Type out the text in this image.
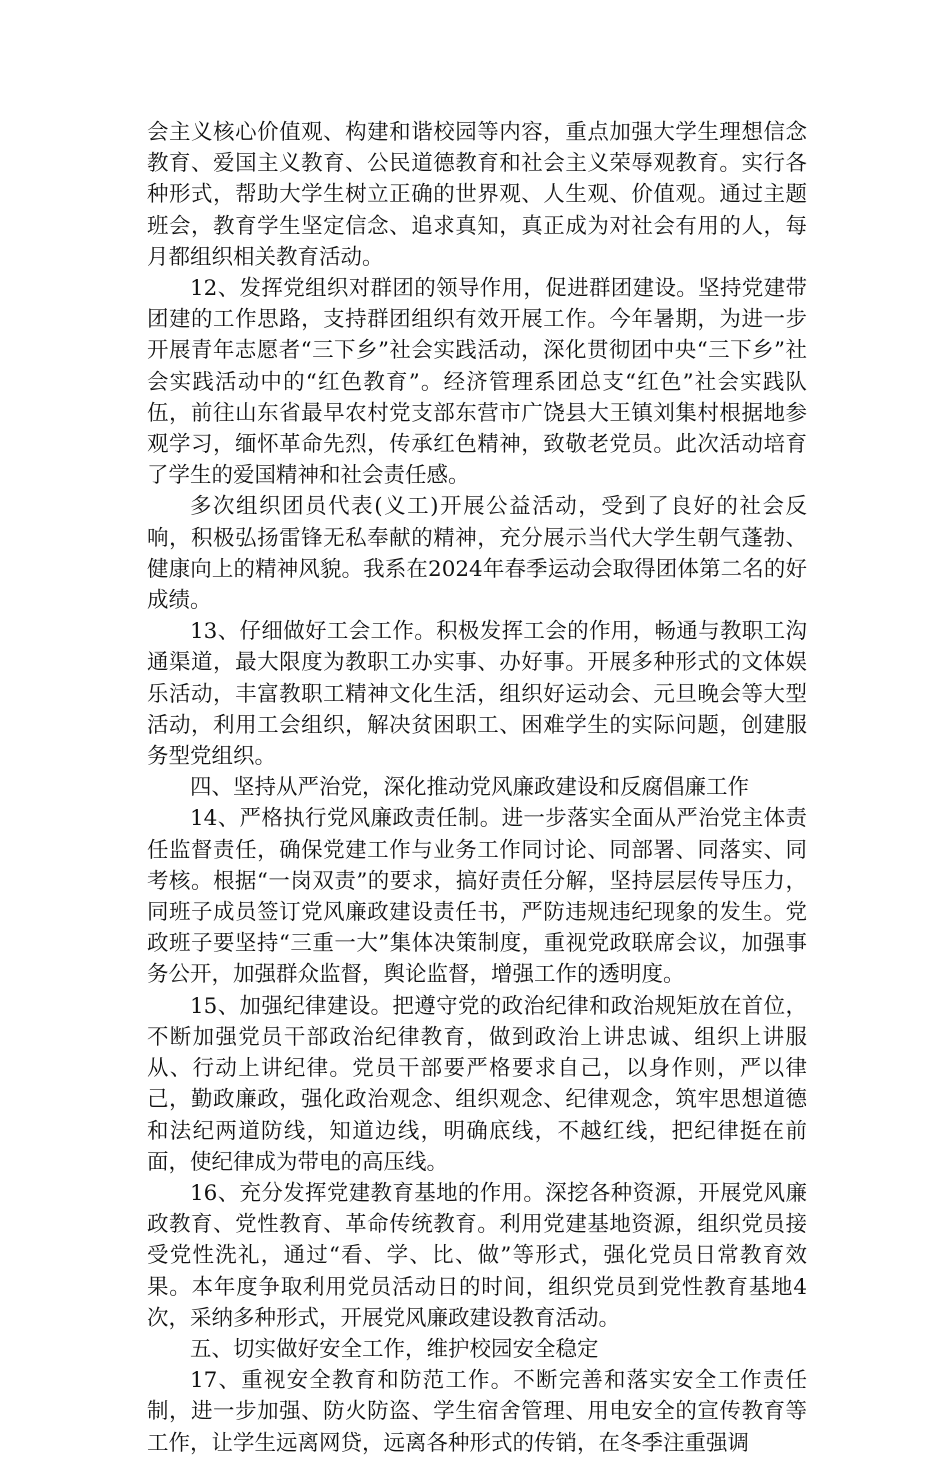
会主义核心价值观、构建和谐校园等内容，重点加强大学生理想信念教育、爱国主义教育、公民道德教育和社会主义荣辱观教育。实行各种形式，帮助大学生树立正确的世界观、人生观、价值观。通过主题班会，教育学生坚定信念、追求真知，真正成为对社会有用的人，每月都组织相关教育活动。

12、发挥党组织对群团的领导作用，促进群团建设。坚持党建带团建的工作思路，支持群团组织有效开展工作。今年暑期，为进一步开展青年志愿者“三下乡”社会实践活动，深化贯彻团中央“三下乡”社会实践活动中的“红色教育”。经济管理系团总支“红色”社会实践队伍，前往山东省最早农村党支部东营市广饶县大王镇刘集村根据地参观学习，缅怀革命先烈，传承红色精神，致敬老党员。此次活动培育了学生的爱国精神和社会责任感。

多次组织团员代表(义工)开展公益活动，受到了良好的社会反响，积极弘扬雷锋无私奉献的精神，充分展示当代大学生朝气蓬勃、健康向上的精神风貌。我系在2024年春季运动会取得团体第二名的好成绩。

13、仔细做好工会工作。积极发挥工会的作用，畅通与教职工沟通渠道，最大限度为教职工办实事、办好事。开展多种形式的文体娱乐活动，丰富教职工精神文化生活，组织好运动会、元旦晚会等大型活动，利用工会组织，解决贫困职工、困难学生的实际问题，创建服务型党组织。

四、坚持从严治党，深化推动党风廉政建设和反腐倡廉工作

14、严格执行党风廉政责任制。进一步落实全面从严治党主体责任监督责任，确保党建工作与业务工作同讨论、同部署、同落实、同考核。根据“一岗双责”的要求，搞好责任分解，坚持层层传导压力，同班子成员签订党风廉政建设责任书，严防违规违纪现象的发生。党政班子要坚持“三重一大”集体决策制度，重视党政联席会议，加强事务公开，加强群众监督，舆论监督，增强工作的透明度。

15、加强纪律建设。把遵守党的政治纪律和政治规矩放在首位，不断加强党员干部政治纪律教育，做到政治上讲忠诚、组织上讲服从、行动上讲纪律。党员干部要严格要求自己，以身作则，严以律己，勤政廉政，强化政治观念、组织观念、纪律观念，筑牢思想道德和法纪两道防线，知道边线，明确底线，不越红线，把纪律挺在前面，使纪律成为带电的高压线。

16、充分发挥党建教育基地的作用。深挖各种资源，开展党风廉政教育、党性教育、革命传统教育。利用党建基地资源，组织党员接受党性洗礼，通过“看、学、比、做”等形式，强化党员日常教育效果。本年度争取利用党员活动日的时间，组织党员到党性教育基地4次，采纳多种形式，开展党风廉政建设教育活动。

五、切实做好安全工作，维护校园安全稳定

17、重视安全教育和防范工作。不断完善和落实安全工作责任制，进一步加强、防火防盗、学生宿舍管理、用电安全的宣传教育等工作，让学生远离网贷，远离各种形式的传销，在冬季注重强调
